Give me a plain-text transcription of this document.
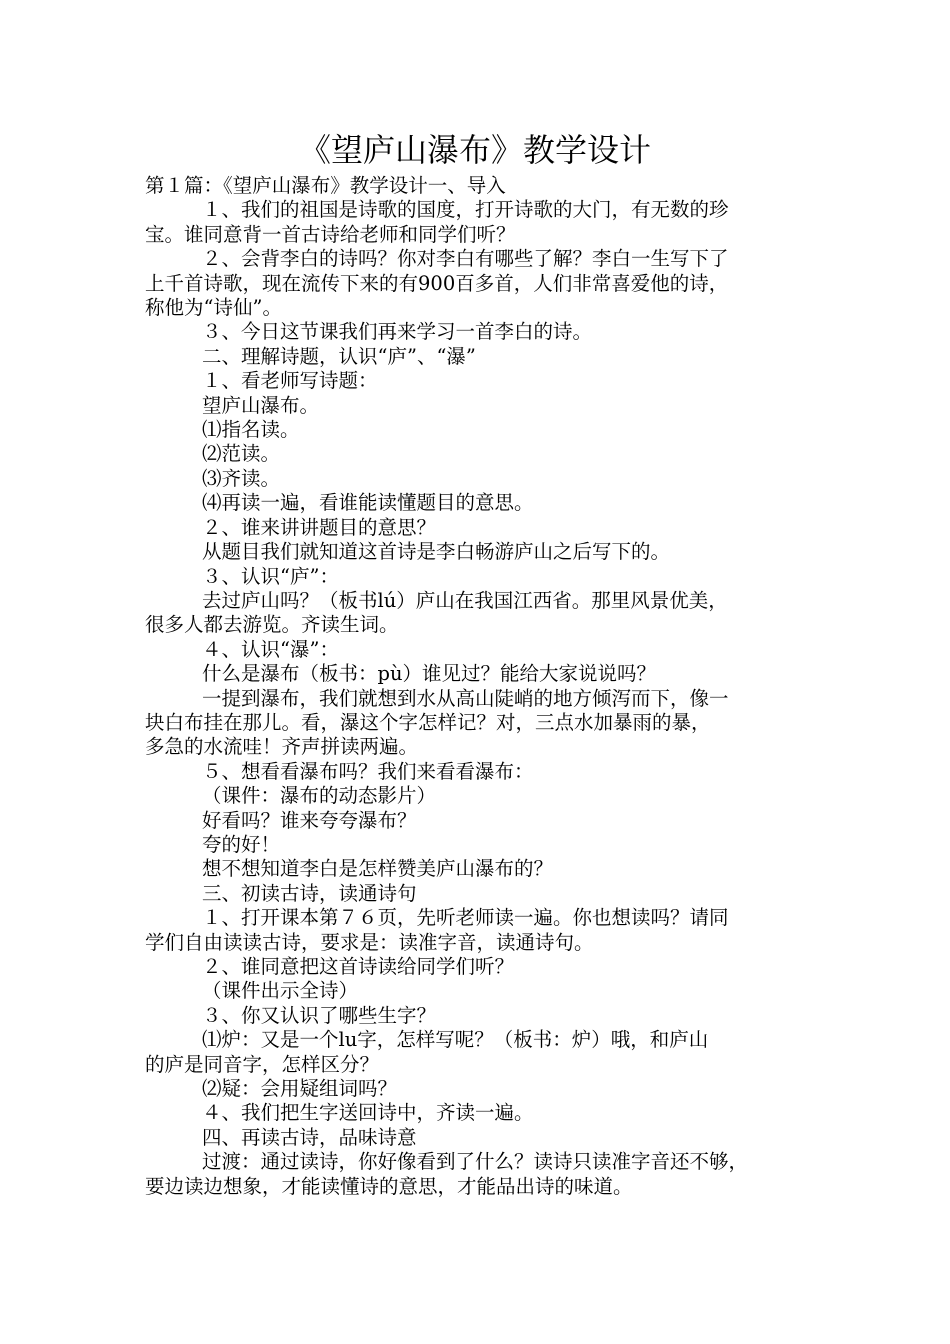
《望庐山瀑布》教学设计

第１篇：《望庐山瀑布》教学设计一、导入

１、我们的祖国是诗歌的国度，打开诗歌的大门，有无数的珍

宝。谁同意背一首古诗给老师和同学们听？

２、会背李白的诗吗？你对李白有哪些了解？李白一生写下了

上千首诗歌，现在流传下来的有900百多首，人们非常喜爱他的诗，

称他为“诗仙”。

３、今日这节课我们再来学习一首李白的诗。

二、理解诗题，认识“庐”、“瀑”

１、看老师写诗题：

望庐山瀑布。

⑴指名读。

⑵范读。

⑶齐读。

⑷再读一遍，看谁能读懂题目的意思。

２、谁来讲讲题目的意思？

从题目我们就知道这首诗是李白畅游庐山之后写下的。

３、认识“庐”：

去过庐山吗？（板书lú）庐山在我国江西省。那里风景优美，

很多人都去游览。齐读生词。

４、认识“瀑”：

什么是瀑布（板书：pù）谁见过？能给大家说说吗？

一提到瀑布，我们就想到水从高山陡峭的地方倾泻而下，像一

块白布挂在那儿。看，瀑这个字怎样记？对，三点水加暴雨的暴，

多急的水流哇！齐声拼读两遍。

５、想看看瀑布吗？我们来看看瀑布：

（课件：瀑布的动态影片）

好看吗？谁来夸夸瀑布？

夸的好！

想不想知道李白是怎样赞美庐山瀑布的？

三、初读古诗，读通诗句

１、打开课本第７６页，先听老师读一遍。你也想读吗？请同

学们自由读读古诗，要求是：读准字音，读通诗句。

２、谁同意把这首诗读给同学们听？

（课件出示全诗）

３、你又认识了哪些生字？

⑴炉：又是一个lu字，怎样写呢？（板书：炉）哦，和庐山

的庐是同音字，怎样区分？

⑵疑：会用疑组词吗？

４、我们把生字送回诗中，齐读一遍。

四、再读古诗，品味诗意

过渡：通过读诗，你好像看到了什么？读诗只读准字音还不够，

要边读边想象，才能读懂诗的意思，才能品出诗的味道。
